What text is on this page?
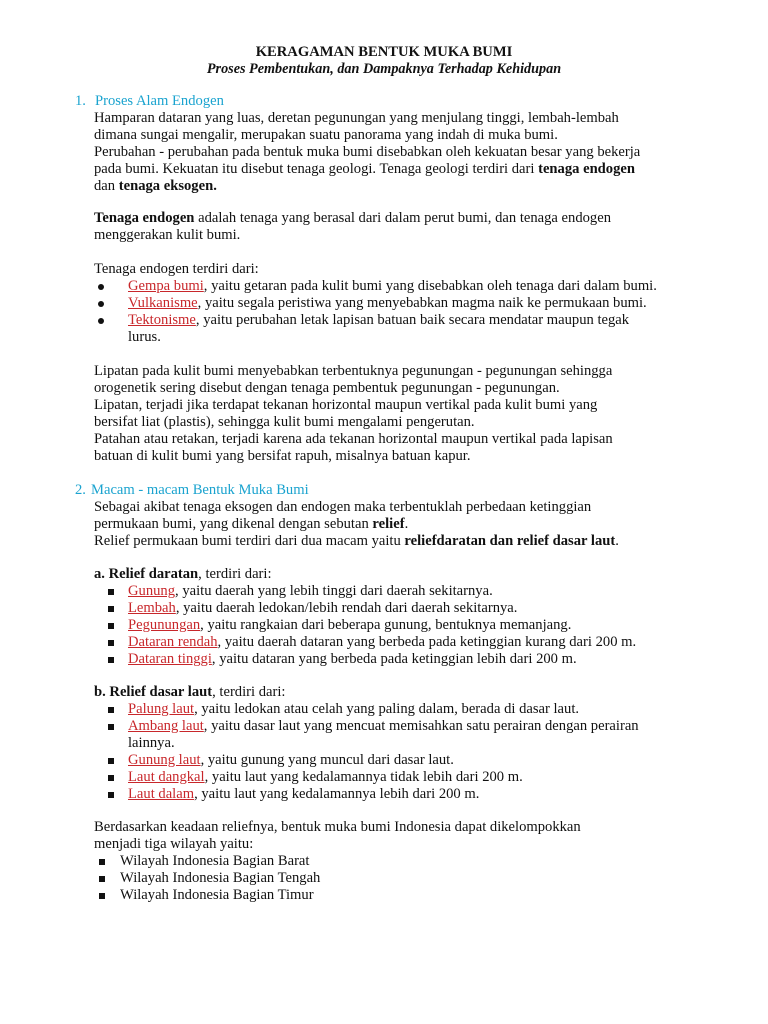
KERAGAMAN BENTUK MUKA BUMI
Proses Pembentukan, dan Dampaknya Terhadap Kehidupan
1. Proses Alam Endogen

Hamparan dataran yang luas, deretan pegunungan yang menjulang tinggi, lembah-lembah

dimana sungai mengalir, merupakan suatu panorama yang indah di muka bumi.

Perubahan - perubahan pada bentuk muka bumi disebabkan oleh kekuatan besar yang bekerja

pada bumi. Kekuatan itu disebut tenaga geologi. Tenaga geologi terdiri dari tenaga endogen

dan tenaga eksogen.

Tenaga endogen adalah tenaga yang berasal dari dalam perut bumi, dan tenaga endogen

menggerakan kulit bumi.

Tenaga endogen terdiri dari:
Gempa bumi, yaitu getaran pada kulit bumi yang disebabkan oleh tenaga dari dalam bumi.
Vulkanisme, yaitu segala peristiwa yang menyebabkan magma naik ke permukaan bumi.
Tektonisme, yaitu perubahan letak lapisan batuan baik secara mendatar maupun tegak
lurus.

Lipatan pada kulit bumi menyebabkan terbentuknya pegunungan - pegunungan sehingga

orogenetik sering disebut dengan tenaga pembentuk pegunungan - pegunungan.

Lipatan, terjadi jika terdapat tekanan horizontal maupun vertikal pada kulit bumi yang

bersifat liat (plastis), sehingga kulit bumi mengalami pengerutan.

Patahan atau retakan, terjadi karena ada tekanan horizontal maupun vertikal pada lapisan

batuan di kulit bumi yang bersifat rapuh, misalnya batuan kapur.

2. Macam - macam Bentuk Muka Bumi

Sebagai akibat tenaga eksogen dan endogen maka terbentuklah perbedaan ketinggian

permukaan bumi, yang dikenal dengan sebutan relief.

Relief permukaan bumi terdiri dari dua macam yaitu reliefdaratan dan relief dasar laut.

a. Relief daratan, terdiri dari:
Gunung, yaitu daerah yang lebih tinggi dari daerah sekitarnya.
Lembah, yaitu daerah ledokan/lebih rendah dari daerah sekitarnya.
Pegunungan, yaitu rangkaian dari beberapa gunung, bentuknya memanjang.
Dataran rendah, yaitu daerah dataran yang berbeda pada ketinggian kurang dari 200 m.
Dataran tinggi, yaitu dataran yang berbeda pada ketinggian lebih dari 200 m.
b. Relief dasar laut, terdiri dari:
Palung laut, yaitu ledokan atau celah yang paling dalam, berada di dasar laut.
Ambang laut, yaitu dasar laut yang mencuat memisahkan satu perairan dengan perairan
lainnya.
Gunung laut, yaitu gunung yang muncul dari dasar laut.
Laut dangkal, yaitu laut yang kedalamannya tidak lebih dari 200 m.
Laut dalam, yaitu laut yang kedalamannya lebih dari 200 m.

Berdasarkan keadaan reliefnya, bentuk muka bumi Indonesia dapat dikelompokkan

menjadi tiga wilayah yaitu:

Wilayah Indonesia Bagian Barat
Wilayah Indonesia Bagian Tengah
Wilayah Indonesia Bagian Timur
